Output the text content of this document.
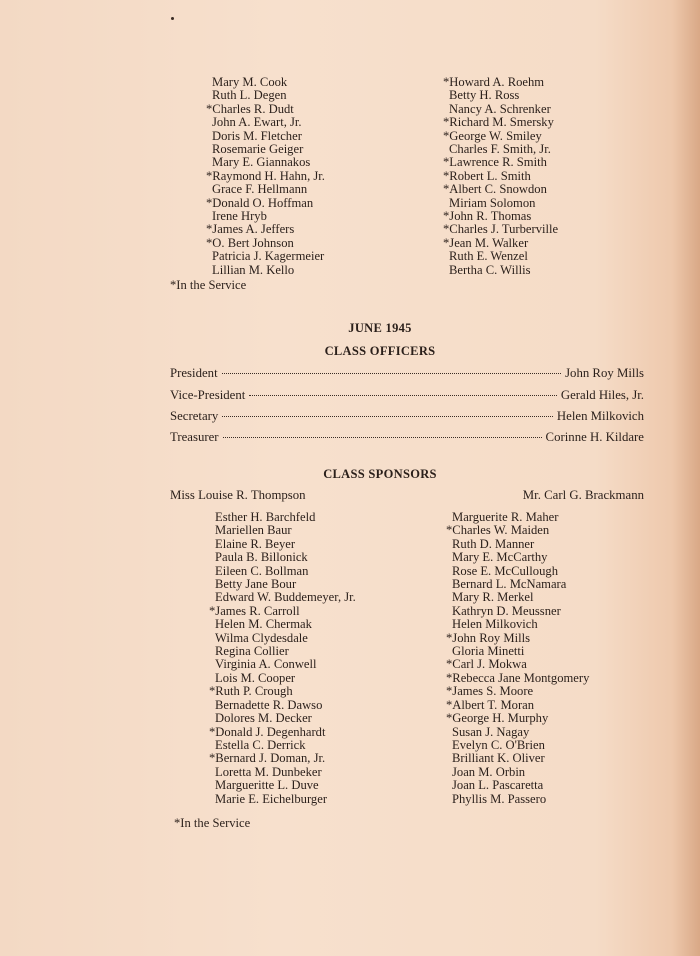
Mary M. Cook
Ruth L. Degen
*Charles R. Dudt
John A. Ewart, Jr.
Doris M. Fletcher
Rosemarie Geiger
Mary E. Giannakos
*Raymond H. Hahn, Jr.
Grace F. Hellmann
*Donald O. Hoffman
Irene Hryb
*James A. Jeffers
*O. Bert Johnson
Patricia J. Kagermeier
Lillian M. Kello
*Howard A. Roehm
Betty H. Ross
Nancy A. Schrenker
*Richard M. Smersky
*George W. Smiley
Charles F. Smith, Jr.
*Lawrence R. Smith
*Robert L. Smith
*Albert C. Snowdon
Miriam Solomon
*John R. Thomas
*Charles J. Turberville
*Jean M. Walker
Ruth E. Wenzel
Bertha C. Willis
*In the Service
JUNE 1945
CLASS OFFICERS
President	John Roy Mills
Vice-President	Gerald Hiles, Jr.
Secretary	Helen Milkovich
Treasurer	Corinne H. Kildare
CLASS SPONSORS
Miss Louise R. Thompson	Mr. Carl G. Brackmann
Esther H. Barchfeld
Mariellen Baur
Elaine R. Beyer
Paula B. Billonick
Eileen C. Bollman
Betty Jane Bour
Edward W. Buddemeyer, Jr.
*James R. Carroll
Helen M. Chermak
Wilma Clydesdale
Regina Collier
Virginia A. Conwell
Lois M. Cooper
*Ruth P. Crough
Bernadette R. Dawso
Dolores M. Decker
*Donald J. Degenhardt
Estella C. Derrick
*Bernard J. Doman, Jr.
Loretta M. Dunbeker
Margueritte L. Duve
Marie E. Eichelburger
Marguerite R. Maher
*Charles W. Maiden
Ruth D. Manner
Mary E. McCarthy
Rose E. McCullough
Bernard L. McNamara
Mary R. Merkel
Kathryn D. Meussner
Helen Milkovich
*John Roy Mills
Gloria Minetti
*Carl J. Mokwa
*Rebecca Jane Montgomery
*James S. Moore
*Albert T. Moran
*George H. Murphy
Susan J. Nagay
Evelyn C. O'Brien
Brilliant K. Oliver
Joan M. Orbin
Joan L. Pascaretta
Phyllis M. Passero
*In the Service
